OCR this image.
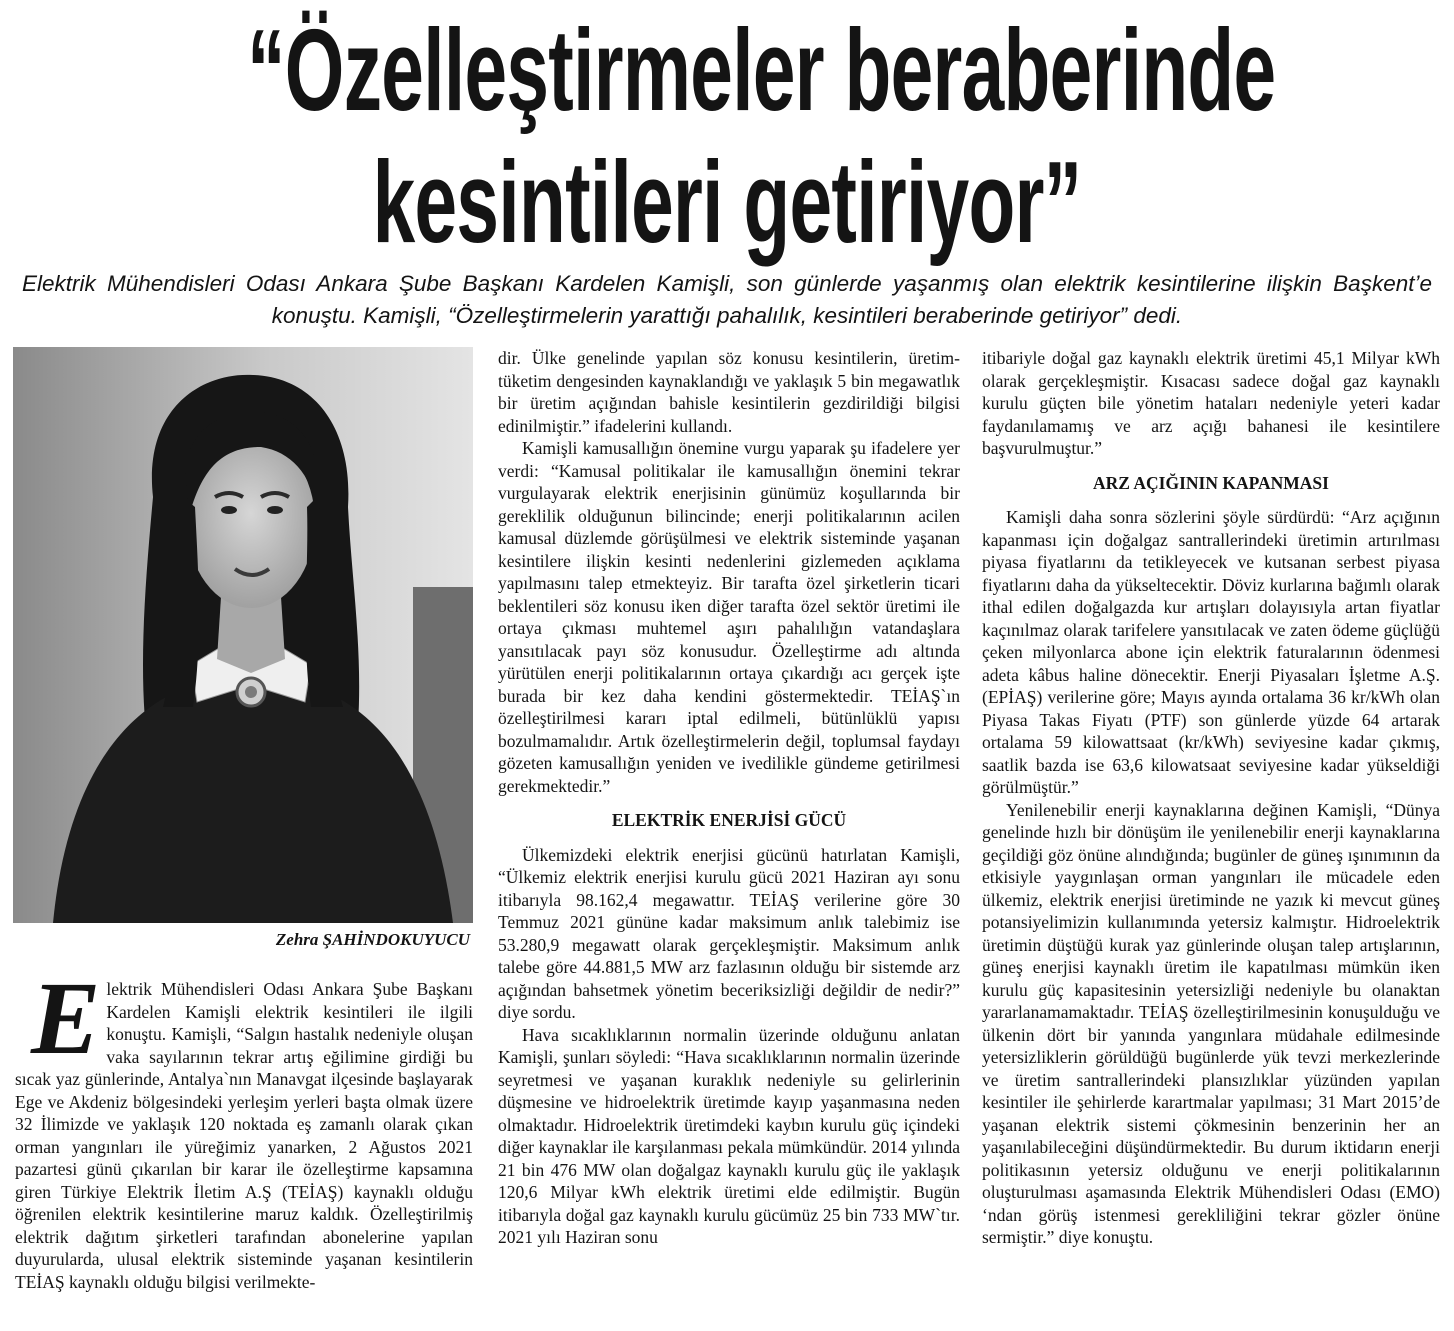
“Özelleştirmeler beraberinde
kesintileri getiriyor”

Elektrik Mühendisleri Odası Ankara Şube Başkanı Kardelen Kamişli, son günlerde yaşanmış olan elektrik kesintilerine ilişkin Başkent’e konuştu. Kamişli, “Özelleştirmelerin yarattığı pahalılık, kesintileri beraberinde getiriyor” dedi.

Zehra ŞAHİNDOKUYUCU

E lektrik Mühendisleri Odası Ankara Şube Başkanı Kardelen Kamişli elektrik kesintileri ile ilgili konuştu. Kamişli, “Salgın hastalık nedeniyle oluşan vaka sayılarının tekrar artış eğilimine girdiği bu sıcak yaz günlerinde, Antalya`nın Manavgat ilçesinde başlayarak Ege ve Akdeniz bölgesindeki yerleşim yerleri başta olmak üzere 32 İlimizde ve yaklaşık 120 noktada eş zamanlı olarak çıkan orman yangınları ile yüreğimiz yanarken, 2 Ağustos 2021 pazartesi günü çıkarılan bir karar ile özelleştirme kapsamına giren Türkiye Elektrik İletim A.Ş (TEİAŞ) kaynaklı olduğu öğrenilen elektrik kesintilerine maruz kaldık. Özelleştirilmiş elektrik dağıtım şirketleri tarafından abonelerine yapılan duyurularda, ulusal elektrik sisteminde yaşanan kesintilerin TEİAŞ kaynaklı olduğu bilgisi verilmekte-

dir. Ülke genelinde yapılan söz konusu kesintilerin, üretim-tüketim dengesinden kaynaklandığı ve yaklaşık 5 bin megawatlık bir üretim açığından bahisle kesintilerin gezdirildiği bilgisi edinilmiştir.” ifadelerini kullandı.

Kamişli kamusallığın önemine vurgu yaparak şu ifadelere yer verdi: “Kamusal politikalar ile kamusallığın önemini tekrar vurgulayarak elektrik enerjisinin günümüz koşullarında bir gereklilik olduğunun bilincinde; enerji politikalarının acilen kamusal düzlemde görüşülmesi ve elektrik sisteminde yaşanan kesintilere ilişkin kesinti nedenlerini gizlemeden açıklama yapılmasını talep etmekteyiz. Bir tarafta özel şirketlerin ticari beklentileri söz konusu iken diğer tarafta özel sektör üretimi ile ortaya çıkması muhtemel aşırı pahalılığın vatandaşlara yansıtılacak payı söz konusudur. Özelleştirme adı altında yürütülen enerji politikalarının ortaya çıkardığı acı gerçek işte burada bir kez daha kendini göstermektedir. TEİAŞ`ın özelleştirilmesi kararı iptal edilmeli, bütünlüklü yapısı bozulmamalıdır. Artık özelleştirmelerin değil, toplumsal faydayı gözeten kamusallığın yeniden ve ivedilikle gündeme getirilmesi gerekmektedir.”

ELEKTRİK ENERJİSİ GÜCÜ

Ülkemizdeki elektrik enerjisi gücünü hatırlatan Kamişli, “Ülkemiz elektrik enerjisi kurulu gücü 2021 Haziran ayı sonu itibarıyla 98.162,4 megawattır. TEİAŞ verilerine göre 30 Temmuz 2021 gününe kadar maksimum anlık talebimiz ise 53.280,9 megawatt olarak gerçekleşmiştir. Maksimum anlık talebe göre 44.881,5 MW arz fazlasının olduğu bir sistemde arz açığından bahsetmek yönetim beceriksizliği değildir de nedir?” diye sordu.

Hava sıcaklıklarının normalin üzerinde olduğunu anlatan Kamişli, şunları söyledi: “Hava sıcaklıklarının normalin üzerinde seyretmesi ve yaşanan kuraklık nedeniyle su gelirlerinin düşmesine ve hidroelektrik üretimde kayıp yaşanmasına neden olmaktadır. Hidroelektrik üretimdeki kaybın kurulu güç içindeki diğer kaynaklar ile karşılanması pekala mümkündür. 2014 yılında 21 bin 476 MW olan doğalgaz kaynaklı kurulu güç ile yaklaşık 120,6 Milyar kWh elektrik üretimi elde edilmiştir. Bugün itibarıyla doğal gaz kaynaklı kurulu gücümüz 25 bin 733 MW`tır. 2021 yılı Haziran sonu

itibariyle doğal gaz kaynaklı elektrik üretimi 45,1 Milyar kWh olarak gerçekleşmiştir. Kısacası sadece doğal gaz kaynaklı kurulu güçten bile yönetim hataları nedeniyle yeteri kadar faydanılamamış ve arz açığı bahanesi ile kesintilere başvurulmuştur.”

ARZ AÇIĞININ KAPANMASI

Kamişli daha sonra sözlerini şöyle sürdürdü: “Arz açığının kapanması için doğalgaz santrallerindeki üretimin artırılması piyasa fiyatlarını da tetikleyecek ve kutsanan serbest piyasa fiyatlarını daha da yükseltecektir. Döviz kurlarına bağımlı olarak ithal edilen doğalgazda kur artışları dolayısıyla artan fiyatlar kaçınılmaz olarak tarifelere yansıtılacak ve zaten ödeme güçlüğü çeken milyonlarca abone için elektrik faturalarının ödenmesi adeta kâbus haline dönecektir. Enerji Piyasaları İşletme A.Ş. (EPİAŞ) verilerine göre; Mayıs ayında ortalama 36 kr/kWh olan Piyasa Takas Fiyatı (PTF) son günlerde yüzde 64 artarak ortalama 59 kilowattsaat (kr/kWh) seviyesine kadar çıkmış, saatlik bazda ise 63,6 kilowatsaat seviyesine kadar yükseldiği görülmüştür.”

Yenilenebilir enerji kaynaklarına değinen Kamişli, “Dünya genelinde hızlı bir dönüşüm ile yenilenebilir enerji kaynaklarına geçildiği göz önüne alındığında; bugünler de güneş ışınımının da etkisiyle yaygınlaşan orman yangınları ile mücadele eden ülkemiz, elektrik enerjisi üretiminde ne yazık ki mevcut güneş potansiyelimizin kullanımında yetersiz kalmıştır. Hidroelektrik üretimin düştüğü kurak yaz günlerinde oluşan talep artışlarının, güneş enerjisi kaynaklı üretim ile kapatılması mümkün iken kurulu güç kapasitesinin yetersizliği nedeniyle bu olanaktan yararlanamamaktadır. TEİAŞ özelleştirilmesinin konuşulduğu ve ülkenin dört bir yanında yangınlara müdahale edilmesinde yetersizliklerin görüldüğü bugünlerde yük tevzi merkezlerinde ve üretim santrallerindeki plansızlıklar yüzünden yapılan kesintiler ile şehirlerde karartmalar yapılması; 31 Mart 2015’de yaşanan elektrik sistemi çökmesinin benzerinin her an yaşanılabileceğini düşündürmektedir. Bu durum iktidarın enerji politikasının yetersiz olduğunu ve enerji politikalarının oluşturulması aşamasında Elektrik Mühendisleri Odası (EMO) ‘ndan görüş istenmesi gerekliliğini tekrar gözler önüne sermiştir.” diye konuştu.
